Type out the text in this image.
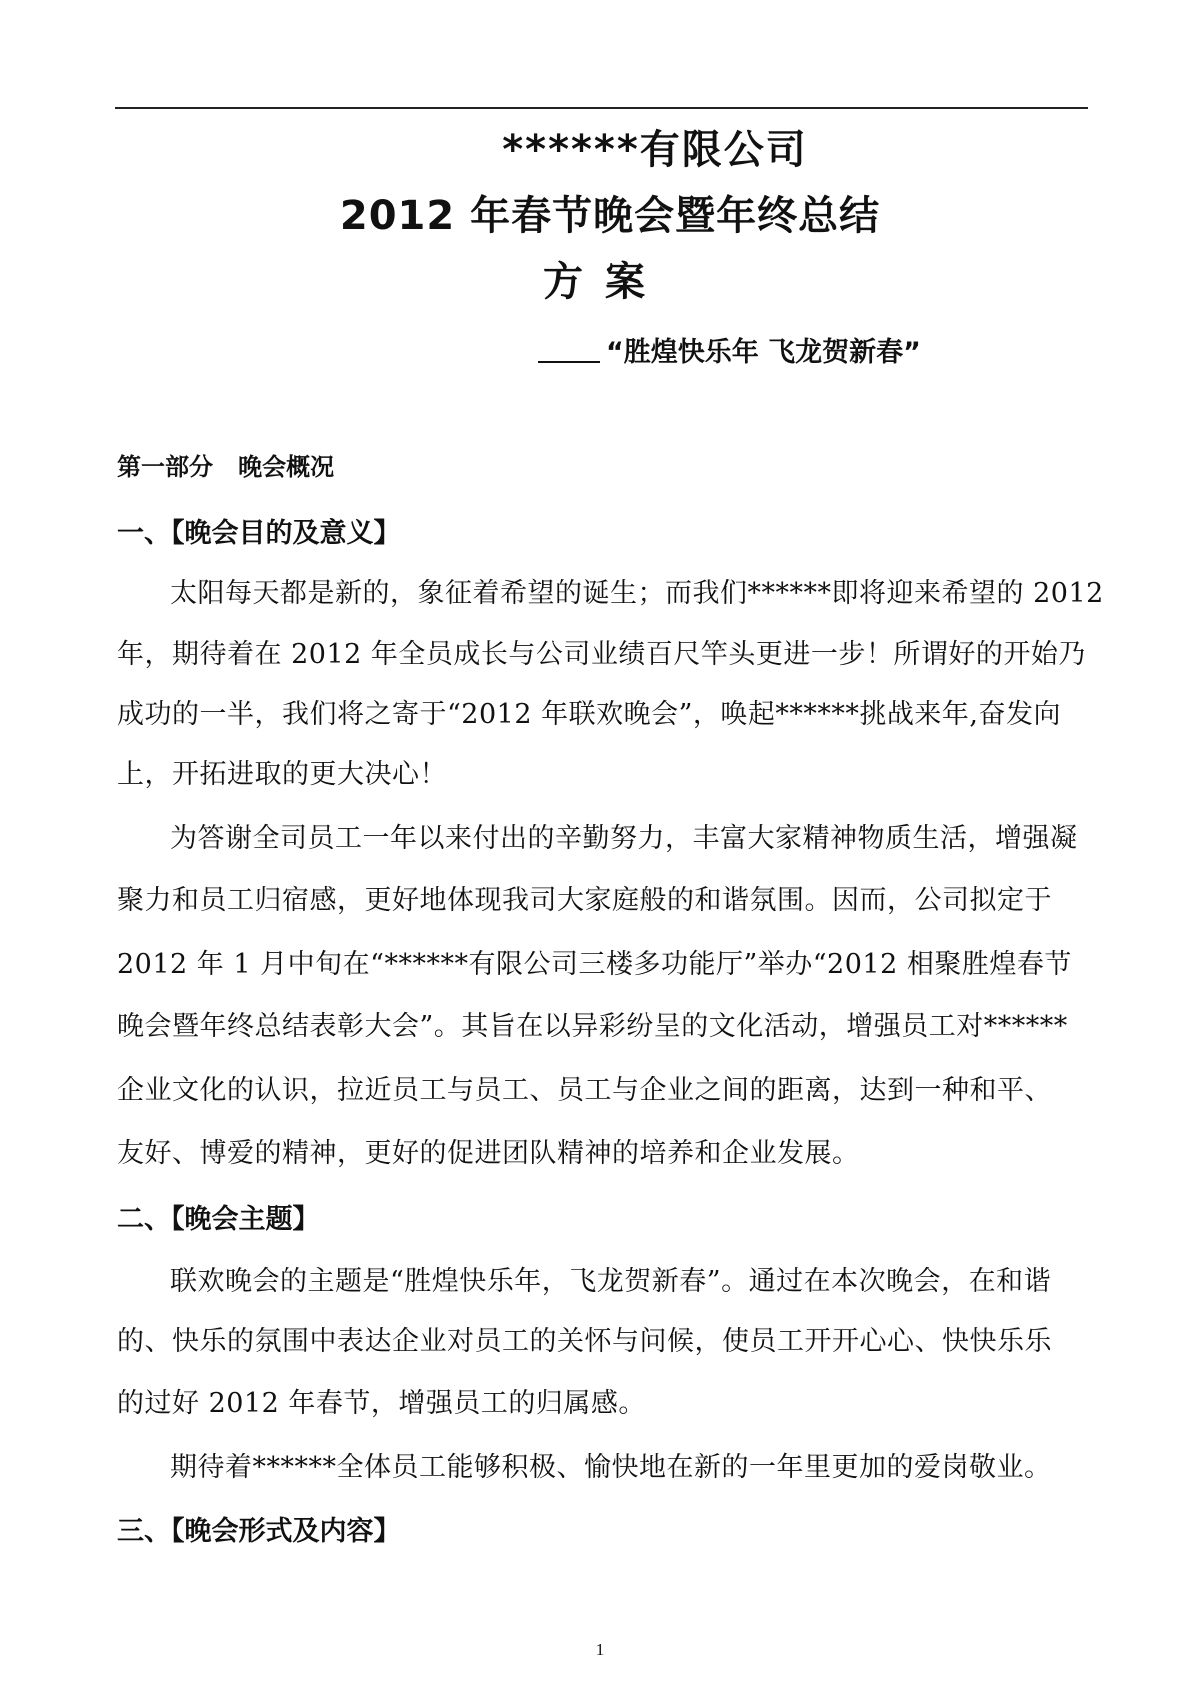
******有限公司
2012 年春节晚会暨年终总结
方案
“胜煌快乐年 飞龙贺新春”
第一部分   晚会概况
一、【晚会目的及意义】
太阳每天都是新的，象征着希望的诞生；而我们******即将迎来希望的 2012
年，期待着在 2012 年全员成长与公司业绩百尺竿头更进一步！所谓好的开始乃
成功的一半，我们将之寄于“2012 年联欢晚会”，唤起******挑战来年,奋发向
上，开拓进取的更大决心！
为答谢全司员工一年以来付出的辛勤努力，丰富大家精神物质生活，增强凝
聚力和员工归宿感，更好地体现我司大家庭般的和谐氛围。因而，公司拟定于
2012 年 1 月中旬在“******有限公司三楼多功能厅”举办“2012 相聚胜煌春节
晚会暨年终总结表彰大会”。其旨在以异彩纷呈的文化活动，增强员工对******
企业文化的认识，拉近员工与员工、员工与企业之间的距离，达到一种和平、
友好、博爱的精神，更好的促进团队精神的培养和企业发展。
二、【晚会主题】
联欢晚会的主题是“胜煌快乐年，飞龙贺新春”。通过在本次晚会，在和谐
的、快乐的氛围中表达企业对员工的关怀与问候，使员工开开心心、快快乐乐
的过好 2012 年春节，增强员工的归属感。
期待着******全体员工能够积极、愉快地在新的一年里更加的爱岗敬业。
三、【晚会形式及内容】
1
